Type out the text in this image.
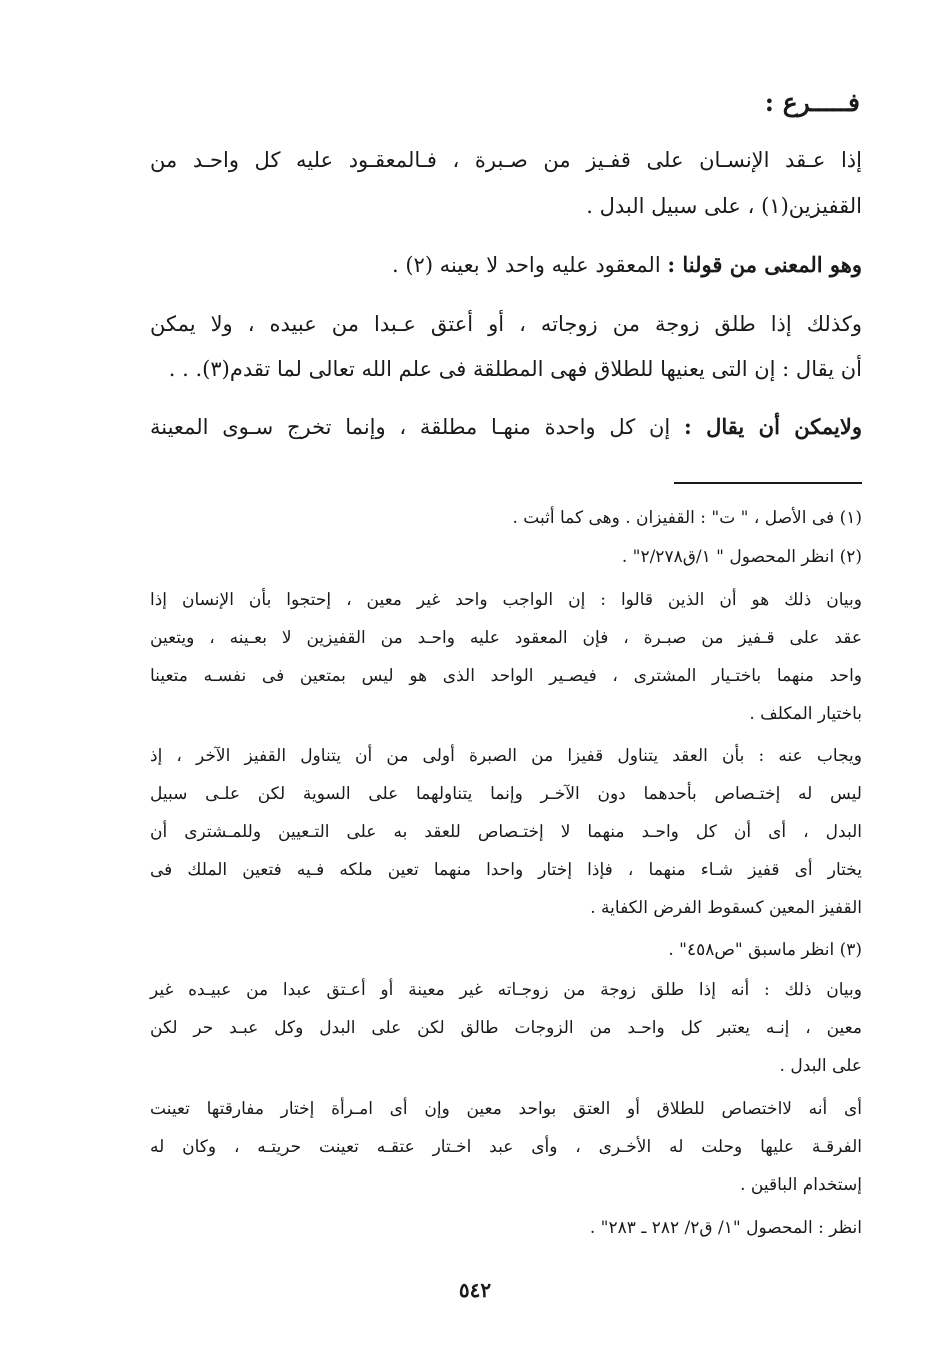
فـــــرع :
إذا عـقد الإنسـان على قفـيز من صـبرة ، فـالمعقـود عليه كل واحـد من
القفيزين(١) ، على سبيل البدل .
وهو المعنى من قولنا : المعقود عليه واحد لا بعينه (٢) .
وكذلك إذا طلق زوجة من زوجاته ، أو أعتق عـبدا من عبيده ، ولا يمكن
أن يقال : إن التى يعنيها للطلاق فهى المطلقة فى علم الله تعالى لما تقدم(٣). . .
ولايمكن أن يقال : إن كل واحدة منهـا مطلقة ، وإنما تخرج سـوى المعينة
(١) فى الأصل ، " ت" : القفيزان . وهى كما أثبت .
(٢) انظر المحصول " ١/ق٢/٢٧٨" .
وبيان ذلك هو أن الذين قالوا : إن الواجب واحد غير معين ، إحتجوا بأن الإنسان إذا
عقد على قـفيز من صبـرة ، فإن المعقود عليه واحـد من القفيزين لا بعـينه ، ويتعين
واحد منهما باختـيار المشترى ، فيصـير الواحد الذى هو ليس بمتعين فى نفسـه متعينا
باختيار المكلف .
ويجاب عنه : بأن العقد يتناول قفيزا من الصبرة أولى من أن يتناول القفيز الآخر ، إذ
ليس له إختـصاص بأحدهما دون الآخـر وإنما يتناولهما على السوية لكن علـى سبيل
البدل ، أى أن كل واحـد منهما لا إختـصاص للعقد به على التـعيين وللمـشترى أن
يختار أى قفيز شـاء منهما ، فإذا إختار واحدا منهما تعين ملكه فـيه فتعين الملك فى
القفيز المعين كسقوط الفرض الكفاية .
(٣) انظر ماسبق "ص٤٥٨" .
وبيان ذلك : أنه إذا طلق زوجة من زوجـاته غير معينة أو أعـتق عبدا من عبيـده غير
معين ، إنـه يعتبر كل واحـد من الزوجات طالق لكن على البدل وكل عبـد حر لكن
على البدل .
أى أنه لااختصاص للطلاق أو العتق بواحد معين وإن أى امـرأة إختار مفارقتها تعينت
الفرقـة عليها وحلت له الأخـرى ، وأى عبد اخـتار عتقـه تعينت حريتـه ، وكان له
إستخدام الباقين .
انظر : المحصول "١/ ق٢/ ٢٨٢ ـ ٢٨٣" .
٥٤٢
